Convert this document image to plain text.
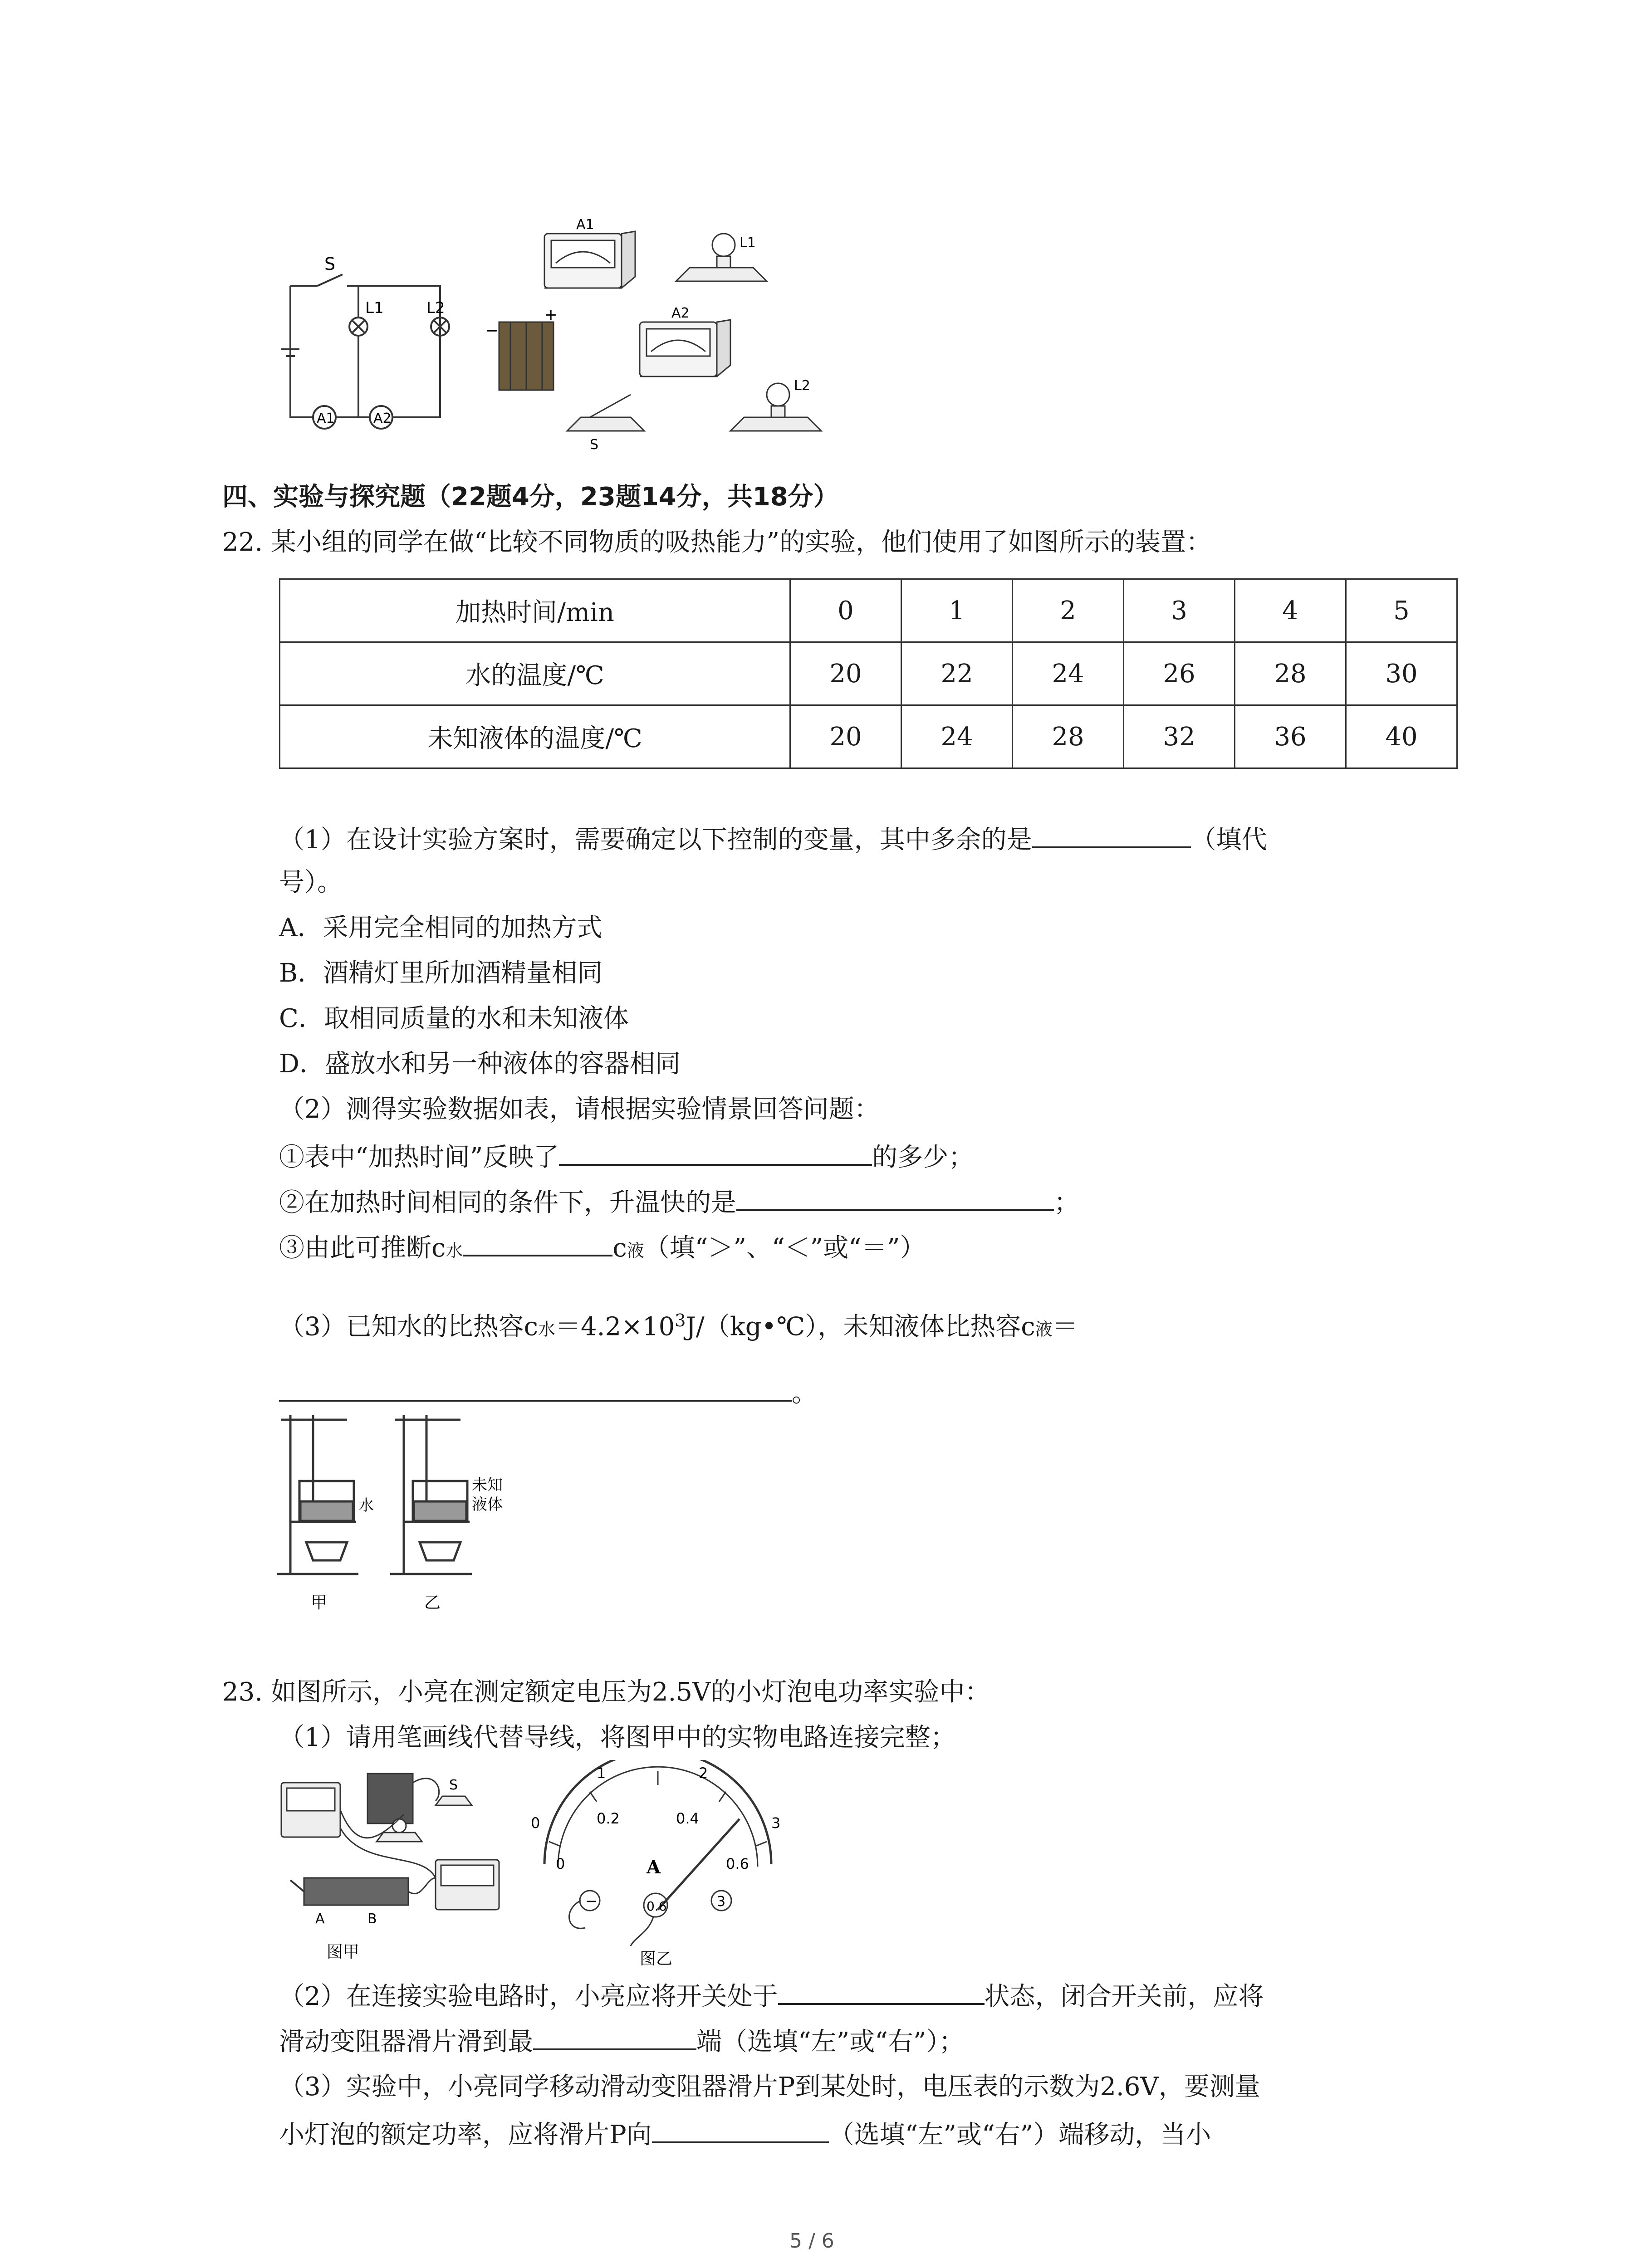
S
L1	L2
A1	A2
A1
L1
−
+	A2
S
L2
四、实验与探究题（22题4分，23题14分，共18分）
22. 某小组的同学在做“比较不同物质的吸热能力”的实验，他们使用了如图所示的装置：
加热时间/min	0	1	2	3	4	5
水的温度/℃	20	22	24	26	28	30
未知液体的温度/℃	20	24	28	32	36	40
（1）在设计实验方案时，需要确定以下控制的变量，其中多余的是	（填代
号）。
A．采用完全相同的加热方式
B．酒精灯里所加酒精量相同
C．取相同质量的水和未知液体
D．盛放水和另一种液体的容器相同
（2）测得实验数据如表，请根据实验情景回答问题：
①表中“加热时间”反映了	的多少；
②在加热时间相同的条件下，升温快的是	；
③由此可推断c水	c液（填“＞”、“＜”或“＝”）
（3）已知水的比热容c水$=4.2\times 10^3J/(kg•℃)$，未知液体比热容c液＝
。
水
未知
液体
甲	乙
23. 如图所示，小亮在测定额定电压为2.5V的小灯泡电功率实验中：
（1）请用笔画线代替导线，将图甲中的实物电路连接完整；
S
A	B
图甲
0
1	2
3
0
0.2	0.4
0.6
A
−	0.6	3
图乙
（2）在连接实验电路时，小亮应将开关处于	状态，闭合开关前，应将
滑动变阻器滑片滑到最	端（选填“左”或“右”）；
（3）实验中，小亮同学移动滑动变阻器滑片P到某处时，电压表的示数为2.6V，要测量
小灯泡的额定功率，应将滑片P向	（选填“左”或“右”）端移动，当小
5 / 6
